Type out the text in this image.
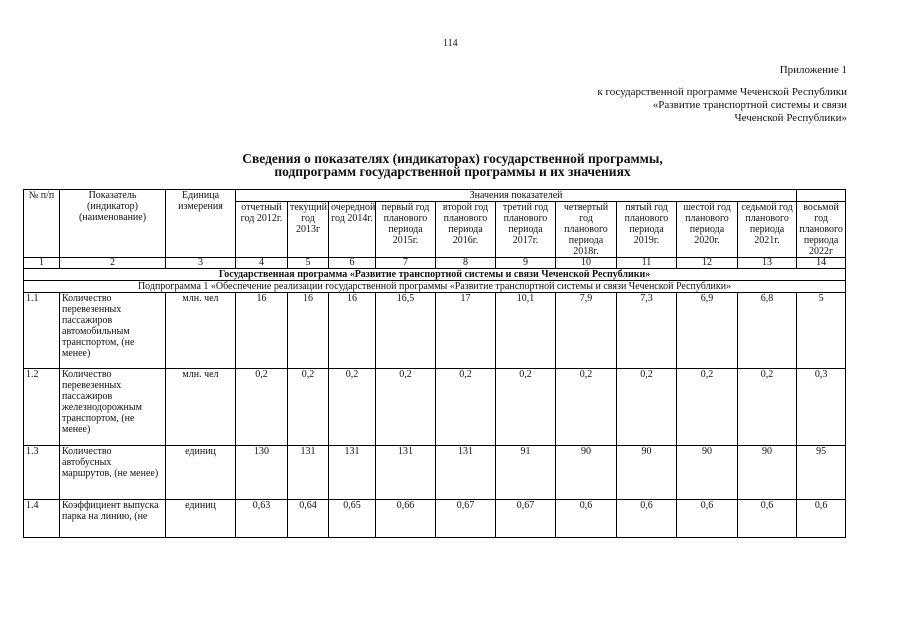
114
Приложение 1
к государственной программе Чеченской Республики
«Развитие транспортной системы и связи
Чеченской Республики»
Сведения о показателях (индикаторах) государственной программы,
подпрограмм государственной программы и их значениях
№ п/п	Показатель (индикатор) (наименование)	Единица измерения	Значения показателей										
			отчетный год 2012г.	текущий год 2013г	очередной год 2014г.	первый год планового периода 2015г.	второй год планового периода 2016г.	третий год планового периода 2017г.	четвертый год планового периода 2018г.	пятый год планового периода 2019г.	шестой год планового периода 2020г.	седьмой год планового периода 2021г.	восьмой год планового периода 2022г
1	2	3	4	5	6	7	8	9	10	11	12	13	14
Государственная программа «Развитие транспортной системы и связи Чеченской Республики»													
Подпрограмма 1 «Обеспечение реализации государственной программы «Развитие транспортной системы и связи Чеченской Республики»													
1.1	Количество перевезенных пассажиров автомобильным транспортом, (не менее)	млн. чел	16	16	16	16,5	17	10,1	7,9	7,3	6,9	6,8	5
1.2	Количество перевезенных пассажиров железнодорожным транспортом, (не менее)	млн. чел	0,2	0,2	0,2	0,2	0,2	0,2	0,2	0,2	0,2	0,2	0,3
1.3	Количество автобусных маршрутов, (не менее)	единиц	130	131	131	131	131	91	90	90	90	90	95
1.4	Коэффициент выпуска парка на линию, (не	единиц	0,63	0,64	0,65	0,66	0,67	0,67	0,6	0,6	0,6	0,6	0,6
